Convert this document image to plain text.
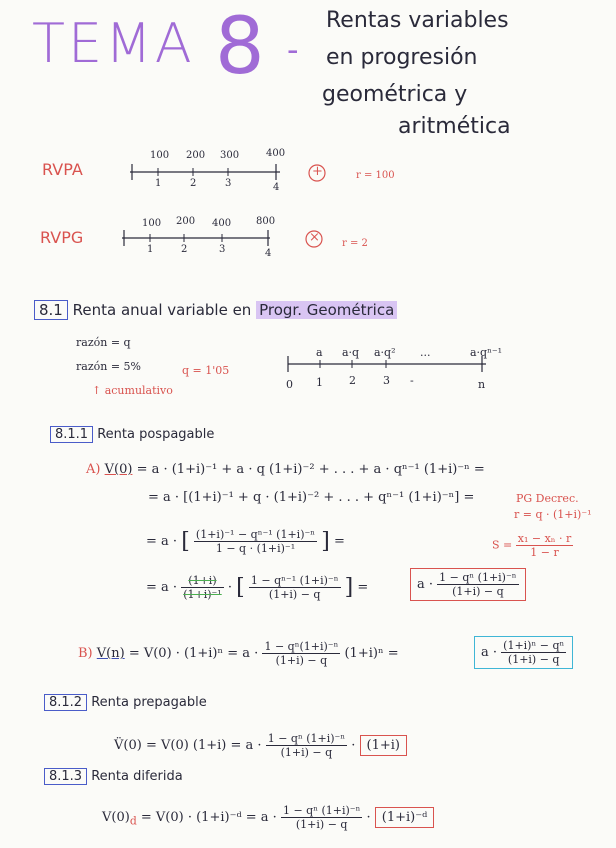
TEMA 8 -
Rentas variables
en progresión
geométrica y
aritmética
RVPA
100 200 300	400
1	2	3	4
+	r = 100
RVPG
100 200 400 800
1	2	3	4
× r = 2
8.1 Renta anual variable en Progr. Geométrica
razón = q
razón = 5%	q = 1'05
↑ acumulativo
a a·q a·q² ...	a·qⁿ⁻¹
0 1 2 3 -	n
8.1.1 Renta pospagable
A) V(0) = a · (1+i)⁻¹ + a · q (1+i)⁻² + . . . + a · qⁿ⁻¹ (1+i)⁻ⁿ =
= a · [(1+i)⁻¹ + q · (1+i)⁻² + . . . + qⁿ⁻¹ (1+i)⁻ⁿ] =	PG Decrec.
r = q · (1+i)⁻¹
= a · [ $\frac{\text{(1+i)⁻¹ − qⁿ⁻¹ (1+i)⁻ⁿ}}{\text{1 − q · (1+i)⁻¹}}$ ] =	$S = \frac{\text{x₁ − xₙ · r}}{1 - r}$
= $a \cdot \frac{(1+i)}{\text{(1+i)⁻¹}}$ · [ $\frac{\text{1 − qⁿ⁻¹ (1+i)⁻ⁿ}}{(1+i) - q}$ ] =	$a \cdot \frac{\text{1 − qⁿ (1+i)⁻ⁿ}}{(1+i) - q}$
B) $V(n) = V(0) \cdot (1+i)^n = a \cdot \frac{\text{1 − qⁿ(1+i)⁻ⁿ}}{(1+i) - q} (1+i)^n$ =	$a \cdot \frac{\text{(1+i)ⁿ − qⁿ}}{(1+i) - q}$
8.1.2 Renta prepagable
V̈(0) = V(0) $(1+i) = a \cdot \frac{\text{1 − qⁿ (1+i)⁻ⁿ}}{(1+i) - q} \cdot (1+i)$
8.1.3 Renta diferida
$V(0)_d = V(0)$ · (1+i)⁻ᵈ = $a \cdot \frac{\text{1 − qⁿ (1+i)⁻ⁿ}}{(1+i) - q}$ · (1+i)⁻ᵈ
